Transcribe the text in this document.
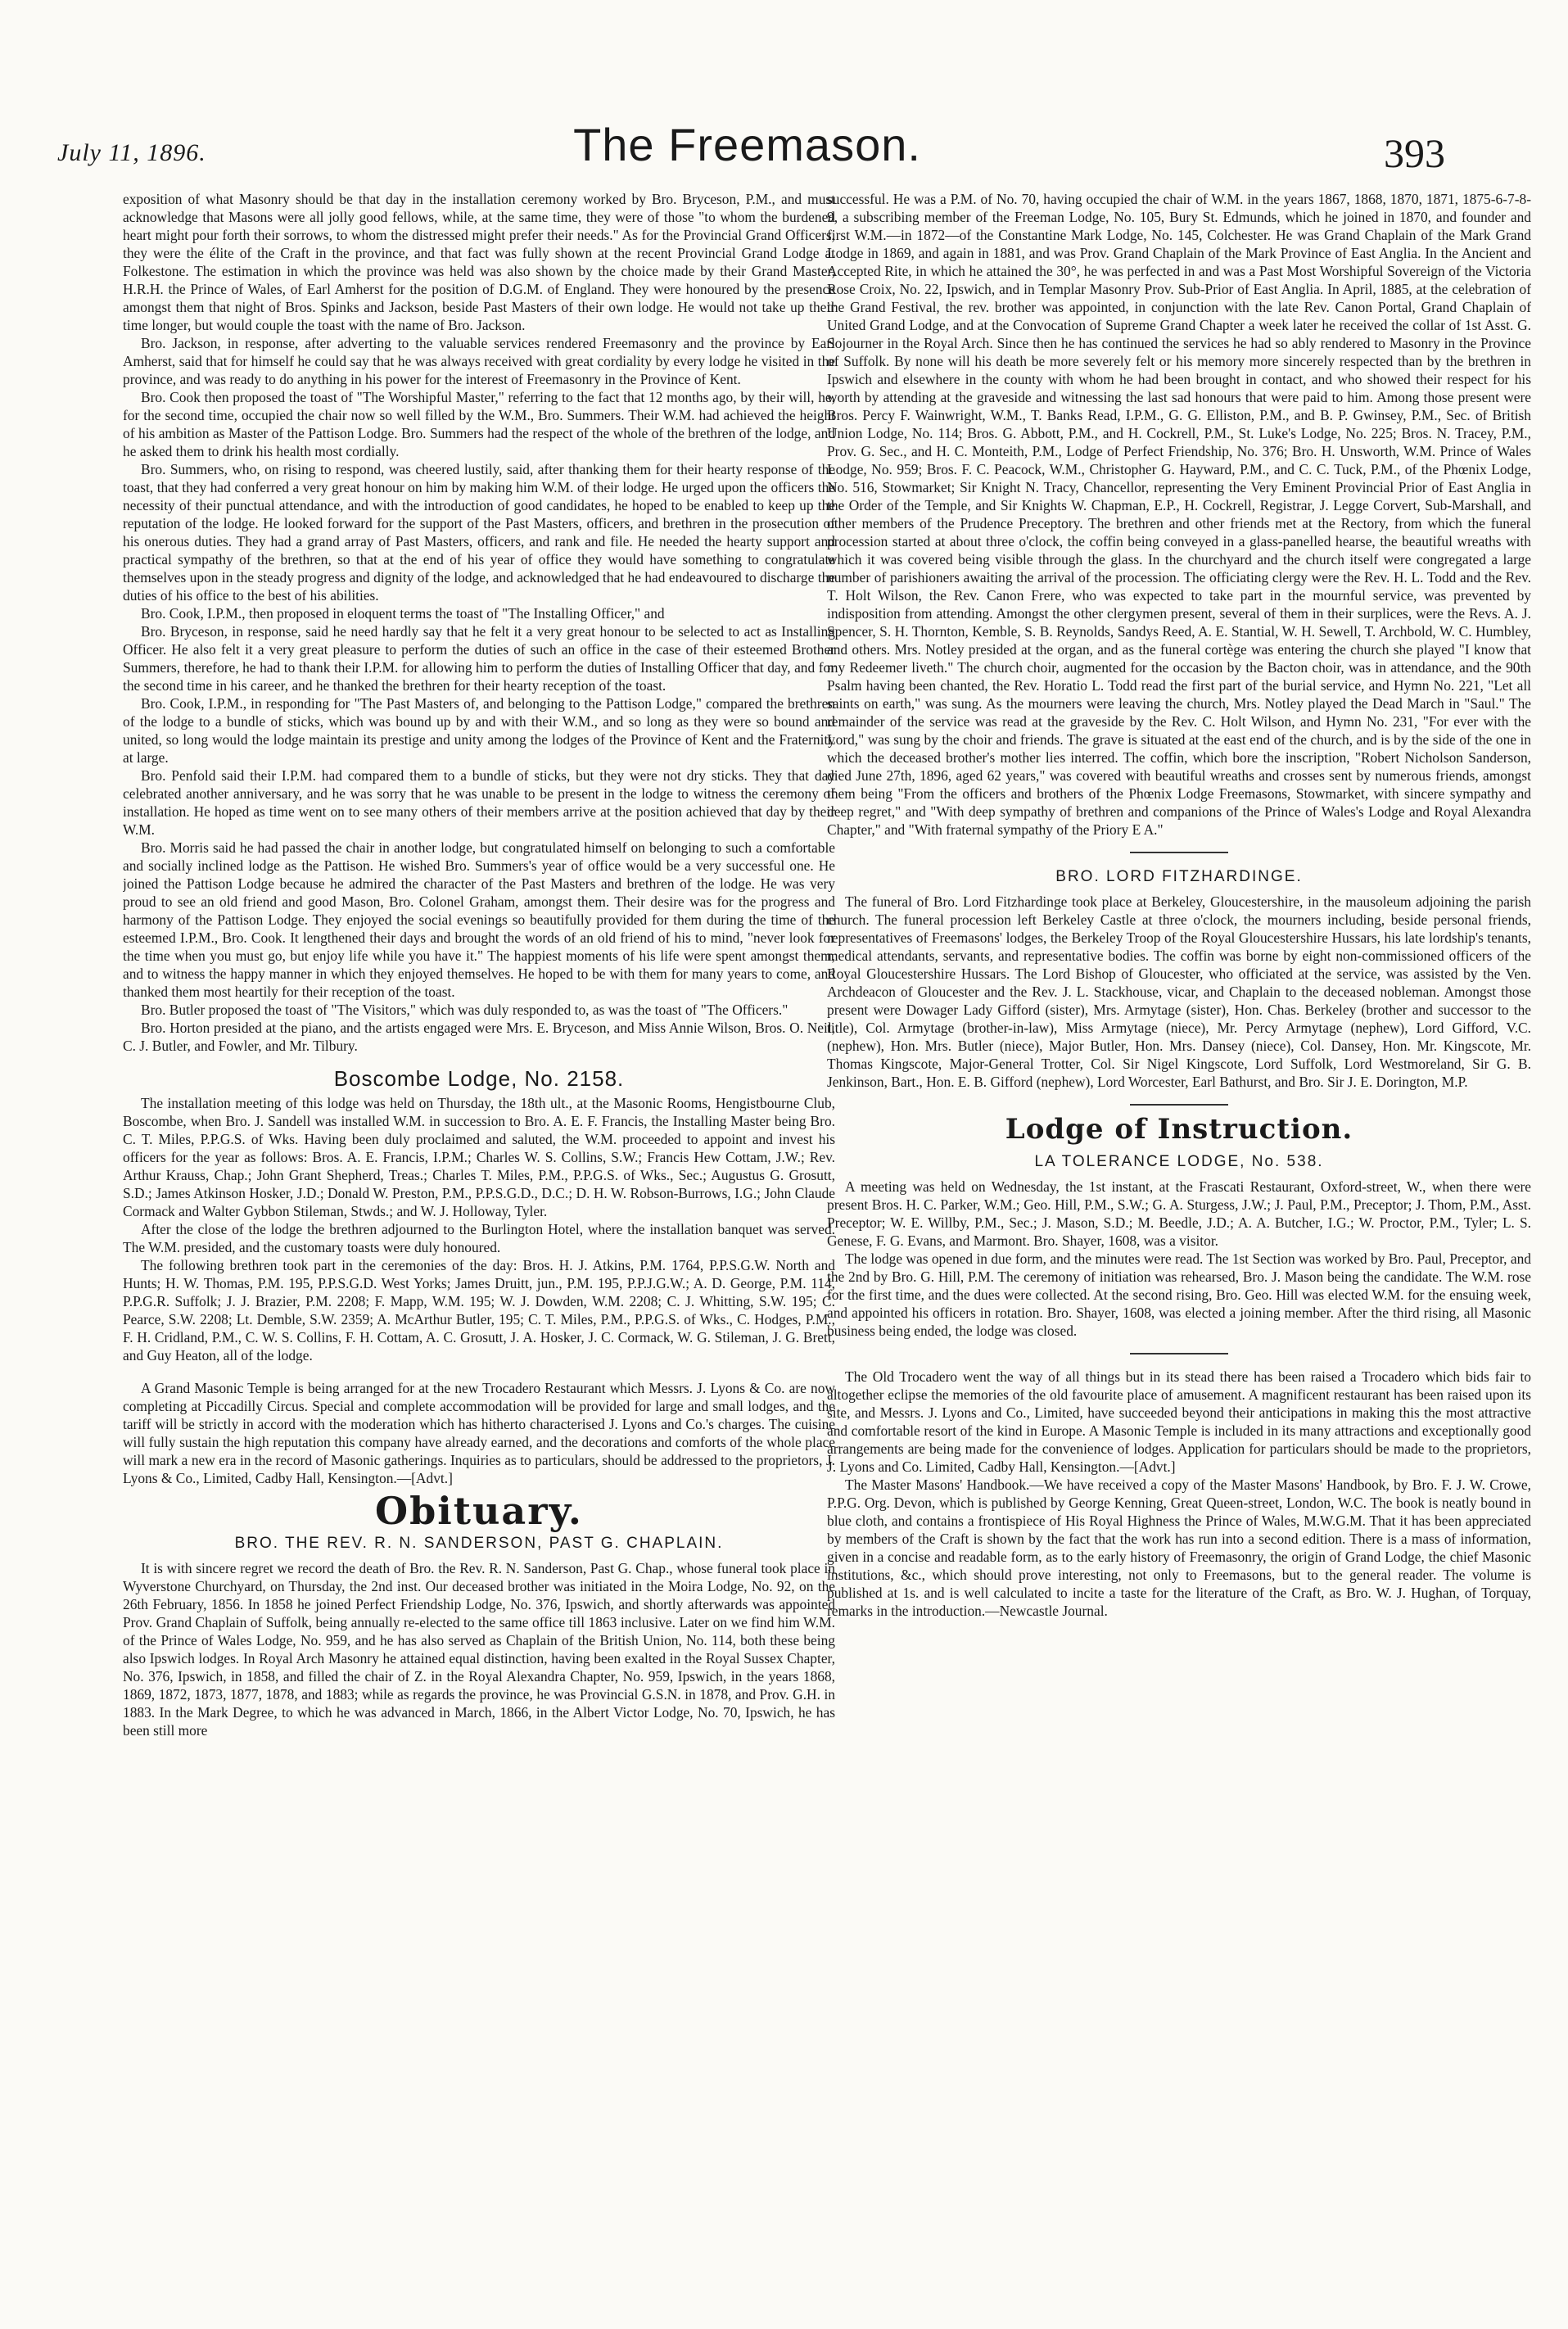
July 11, 1896.	The Freemason.	393

exposition of what Masonry should be that day in the installation ceremony worked by Bro. Bryceson, P.M., and must acknowledge that Masons were all jolly good fellows, while, at the same time, they were of those "to whom the burdened heart might pour forth their sorrows, to whom the distressed might prefer their needs." As for the Provincial Grand Officers, they were the élite of the Craft in the province, and that fact was fully shown at the recent Provincial Grand Lodge at Folkestone. The estimation in which the province was held was also shown by the choice made by their Grand Master, H.R.H. the Prince of Wales, of Earl Amherst for the position of D.G.M. of England. They were honoured by the presence amongst them that night of Bros. Spinks and Jackson, beside Past Masters of their own lodge. He would not take up their time longer, but would couple the toast with the name of Bro. Jackson.

Bro. Jackson, in response, after adverting to the valuable services rendered Freemasonry and the province by Earl Amherst, said that for himself he could say that he was always received with great cordiality by every lodge he visited in the province, and was ready to do anything in his power for the interest of Freemasonry in the Province of Kent.

Bro. Cook then proposed the toast of "The Worshipful Master," referring to the fact that 12 months ago, by their will, he, for the second time, occupied the chair now so well filled by the W.M., Bro. Summers. Their W.M. had achieved the height of his ambition as Master of the Pattison Lodge. Bro. Summers had the respect of the whole of the brethren of the lodge, and he asked them to drink his health most cordially.

Bro. Summers, who, on rising to respond, was cheered lustily, said, after thanking them for their hearty response of the toast, that they had conferred a very great honour on him by making him W.M. of their lodge. He urged upon the officers the necessity of their punctual attendance, and with the introduction of good candidates, he hoped to be enabled to keep up the reputation of the lodge. He looked forward for the support of the Past Masters, officers, and brethren in the prosecution of his onerous duties. They had a grand array of Past Masters, officers, and rank and file. He needed the hearty support and practical sympathy of the brethren, so that at the end of his year of office they would have something to congratulate themselves upon in the steady progress and dignity of the lodge, and acknowledged that he had endeavoured to discharge the duties of his office to the best of his abilities.

Bro. Cook, I.P.M., then proposed in eloquent terms the toast of "The Installing Officer," and

Bro. Bryceson, in response, said he need hardly say that he felt it a very great honour to be selected to act as Installing Officer. He also felt it a very great pleasure to perform the duties of such an office in the case of their esteemed Brother Summers, therefore, he had to thank their I.P.M. for allowing him to perform the duties of Installing Officer that day, and for the second time in his career, and he thanked the brethren for their hearty reception of the toast.

Bro. Cook, I.P.M., in responding for "The Past Masters of, and belonging to the Pattison Lodge," compared the brethren of the lodge to a bundle of sticks, which was bound up by and with their W.M., and so long as they were so bound and united, so long would the lodge maintain its prestige and unity among the lodges of the Province of Kent and the Fraternity at large.

Bro. Penfold said their I.P.M. had compared them to a bundle of sticks, but they were not dry sticks. They that day celebrated another anniversary, and he was sorry that he was unable to be present in the lodge to witness the ceremony of installation. He hoped as time went on to see many others of their members arrive at the position achieved that day by their W.M.

Bro. Morris said he had passed the chair in another lodge, but congratulated himself on belonging to such a comfortable and socially inclined lodge as the Pattison. He wished Bro. Summers's year of office would be a very successful one. He joined the Pattison Lodge because he admired the character of the Past Masters and brethren of the lodge. He was very proud to see an old friend and good Mason, Bro. Colonel Graham, amongst them. Their desire was for the progress and harmony of the Pattison Lodge. They enjoyed the social evenings so beautifully provided for them during the time of the esteemed I.P.M., Bro. Cook. It lengthened their days and brought the words of an old friend of his to mind, "never look for the time when you must go, but enjoy life while you have it." The happiest moments of his life were spent amongst them, and to witness the happy manner in which they enjoyed themselves. He hoped to be with them for many years to come, and thanked them most heartily for their reception of the toast.

Bro. Butler proposed the toast of "The Visitors," which was duly responded to, as was the toast of "The Officers."

Bro. Horton presided at the piano, and the artists engaged were Mrs. E. Bryceson, and Miss Annie Wilson, Bros. O. Neil, C. J. Butler, and Fowler, and Mr. Tilbury.

Boscombe Lodge, No. 2158.

The installation meeting of this lodge was held on Thursday, the 18th ult., at the Masonic Rooms, Hengistbourne Club, Boscombe, when Bro. J. Sandell was installed W.M. in succession to Bro. A. E. F. Francis, the Installing Master being Bro. C. T. Miles, P.P.G.S. of Wks. Having been duly proclaimed and saluted, the W.M. proceeded to appoint and invest his officers for the year as follows: Bros. A. E. Francis, I.P.M.; Charles W. S. Collins, S.W.; Francis Hew Cottam, J.W.; Rev. Arthur Krauss, Chap.; John Grant Shepherd, Treas.; Charles T. Miles, P.M., P.P.G.S. of Wks., Sec.; Augustus G. Grosutt, S.D.; James Atkinson Hosker, J.D.; Donald W. Preston, P.M., P.P.S.G.D., D.C.; D. H. W. Robson-Burrows, I.G.; John Claude Cormack and Walter Gybbon Stileman, Stwds.; and W. J. Holloway, Tyler.

After the close of the lodge the brethren adjourned to the Burlington Hotel, where the installation banquet was served. The W.M. presided, and the customary toasts were duly honoured.

The following brethren took part in the ceremonies of the day: Bros. H. J. Atkins, P.M. 1764, P.P.S.G.W. North and Hunts; H. W. Thomas, P.M. 195, P.P.S.G.D. West Yorks; James Druitt, jun., P.M. 195, P.P.J.G.W.; A. D. George, P.M. 114, P.P.G.R. Suffolk; J. J. Brazier, P.M. 2208; F. Mapp, W.M. 195; W. J. Dowden, W.M. 2208; C. J. Whitting, S.W. 195; C. Pearce, S.W. 2208; Lt. Demble, S.W. 2359; A. McArthur Butler, 195; C. T. Miles, P.M., P.P.G.S. of Wks., C. Hodges, P.M., F. H. Cridland, P.M., C. W. S. Collins, F. H. Cottam, A. C. Grosutt, J. A. Hosker, J. C. Cormack, W. G. Stileman, J. G. Brett, and Guy Heaton, all of the lodge.

A Grand Masonic Temple is being arranged for at the new Trocadero Restaurant which Messrs. J. Lyons & Co. are now completing at Piccadilly Circus. Special and complete accommodation will be provided for large and small lodges, and the tariff will be strictly in accord with the moderation which has hitherto characterised J. Lyons and Co.'s charges. The cuisine will fully sustain the high reputation this company have already earned, and the decorations and comforts of the whole place will mark a new era in the record of Masonic gatherings. Inquiries as to particulars, should be addressed to the proprietors, J. Lyons & Co., Limited, Cadby Hall, Kensington.—[Advt.]

Obituary.
BRO. THE REV. R. N. SANDERSON, PAST G. CHAPLAIN.

It is with sincere regret we record the death of Bro. the Rev. R. N. Sanderson, Past G. Chap., whose funeral took place in Wyverstone Churchyard, on Thursday, the 2nd inst. Our deceased brother was initiated in the Moira Lodge, No. 92, on the 26th February, 1856. In 1858 he joined Perfect Friendship Lodge, No. 376, Ipswich, and shortly afterwards was appointed Prov. Grand Chaplain of Suffolk, being annually re-elected to the same office till 1863 inclusive. Later on we find him W.M. of the Prince of Wales Lodge, No. 959, and he has also served as Chaplain of the British Union, No. 114, both these being also Ipswich lodges. In Royal Arch Masonry he attained equal distinction, having been exalted in the Royal Sussex Chapter, No. 376, Ipswich, in 1858, and filled the chair of Z. in the Royal Alexandra Chapter, No. 959, Ipswich, in the years 1868, 1869, 1872, 1873, 1877, 1878, and 1883; while as regards the province, he was Provincial G.S.N. in 1878, and Prov. G.H. in 1883. In the Mark Degree, to which he was advanced in March, 1866, in the Albert Victor Lodge, No. 70, Ipswich, he has been still more

successful. He was a P.M. of No. 70, having occupied the chair of W.M. in the years 1867, 1868, 1870, 1871, 1875-6-7-8-9, a subscribing member of the Freeman Lodge, No. 105, Bury St. Edmunds, which he joined in 1870, and founder and first W.M.—in 1872—of the Constantine Mark Lodge, No. 145, Colchester. He was Grand Chaplain of the Mark Grand Lodge in 1869, and again in 1881, and was Prov. Grand Chaplain of the Mark Province of East Anglia. In the Ancient and Accepted Rite, in which he attained the 30°, he was perfected in and was a Past Most Worshipful Sovereign of the Victoria Rose Croix, No. 22, Ipswich, and in Templar Masonry Prov. Sub-Prior of East Anglia. In April, 1885, at the celebration of the Grand Festival, the rev. brother was appointed, in conjunction with the late Rev. Canon Portal, Grand Chaplain of United Grand Lodge, and at the Convocation of Supreme Grand Chapter a week later he received the collar of 1st Asst. G. Sojourner in the Royal Arch. Since then he has continued the services he had so ably rendered to Masonry in the Province of Suffolk. By none will his death be more severely felt or his memory more sincerely respected than by the brethren in Ipswich and elsewhere in the county with whom he had been brought in contact, and who showed their respect for his worth by attending at the graveside and witnessing the last sad honours that were paid to him. Among those present were Bros. Percy F. Wainwright, W.M., T. Banks Read, I.P.M., G. G. Elliston, P.M., and B. P. Gwinsey, P.M., Sec. of British Union Lodge, No. 114; Bros. G. Abbott, P.M., and H. Cockrell, P.M., St. Luke's Lodge, No. 225; Bros. N. Tracey, P.M., Prov. G. Sec., and H. C. Monteith, P.M., Lodge of Perfect Friendship, No. 376; Bro. H. Unsworth, W.M. Prince of Wales Lodge, No. 959; Bros. F. C. Peacock, W.M., Christopher G. Hayward, P.M., and C. C. Tuck, P.M., of the Phœnix Lodge, No. 516, Stowmarket; Sir Knight N. Tracy, Chancellor, representing the Very Eminent Provincial Prior of East Anglia in the Order of the Temple, and Sir Knights W. Chapman, E.P., H. Cockrell, Registrar, J. Legge Corvert, Sub-Marshall, and other members of the Prudence Preceptory. The brethren and other friends met at the Rectory, from which the funeral procession started at about three o'clock, the coffin being conveyed in a glass-panelled hearse, the beautiful wreaths with which it was covered being visible through the glass. In the churchyard and the church itself were congregated a large number of parishioners awaiting the arrival of the procession. The officiating clergy were the Rev. H. L. Todd and the Rev. T. Holt Wilson, the Rev. Canon Frere, who was expected to take part in the mournful service, was prevented by indisposition from attending. Amongst the other clergymen present, several of them in their surplices, were the Revs. A. J. Spencer, S. H. Thornton, Kemble, S. B. Reynolds, Sandys Reed, A. E. Stantial, W. H. Sewell, T. Archbold, W. C. Humbley, and others. Mrs. Notley presided at the organ, and as the funeral cortège was entering the church she played "I know that my Redeemer liveth." The church choir, augmented for the occasion by the Bacton choir, was in attendance, and the 90th Psalm having been chanted, the Rev. Horatio L. Todd read the first part of the burial service, and Hymn No. 221, "Let all saints on earth," was sung. As the mourners were leaving the church, Mrs. Notley played the Dead March in "Saul." The remainder of the service was read at the graveside by the Rev. C. Holt Wilson, and Hymn No. 231, "For ever with the Lord," was sung by the choir and friends. The grave is situated at the east end of the church, and is by the side of the one in which the deceased brother's mother lies interred. The coffin, which bore the inscription, "Robert Nicholson Sanderson, died June 27th, 1896, aged 62 years," was covered with beautiful wreaths and crosses sent by numerous friends, amongst them being "From the officers and brothers of the Phœnix Lodge Freemasons, Stowmarket, with sincere sympathy and deep regret," and "With deep sympathy of brethren and companions of the Prince of Wales's Lodge and Royal Alexandra Chapter," and "With fraternal sympathy of the Priory E A."

BRO. LORD FITZHARDINGE.

The funeral of Bro. Lord Fitzhardinge took place at Berkeley, Gloucestershire, in the mausoleum adjoining the parish church. The funeral procession left Berkeley Castle at three o'clock, the mourners including, beside personal friends, representatives of Freemasons' lodges, the Berkeley Troop of the Royal Gloucestershire Hussars, his late lordship's tenants, medical attendants, servants, and representative bodies. The coffin was borne by eight non-commissioned officers of the Royal Gloucestershire Hussars. The Lord Bishop of Gloucester, who officiated at the service, was assisted by the Ven. Archdeacon of Gloucester and the Rev. J. L. Stackhouse, vicar, and Chaplain to the deceased nobleman. Amongst those present were Dowager Lady Gifford (sister), Mrs. Armytage (sister), Hon. Chas. Berkeley (brother and successor to the title), Col. Armytage (brother-in-law), Miss Armytage (niece), Mr. Percy Armytage (nephew), Lord Gifford, V.C. (nephew), Hon. Mrs. Butler (niece), Major Butler, Hon. Mrs. Dansey (niece), Col. Dansey, Hon. Mr. Kingscote, Mr. Thomas Kingscote, Major-General Trotter, Col. Sir Nigel Kingscote, Lord Suffolk, Lord Westmoreland, Sir G. B. Jenkinson, Bart., Hon. E. B. Gifford (nephew), Lord Worcester, Earl Bathurst, and Bro. Sir J. E. Dorington, M.P.

Lodge of Instruction.
LA TOLERANCE LODGE, No. 538.

A meeting was held on Wednesday, the 1st instant, at the Frascati Restaurant, Oxford-street, W., when there were present Bros. H. C. Parker, W.M.; Geo. Hill, P.M., S.W.; G. A. Sturgess, J.W.; J. Paul, P.M., Preceptor; J. Thom, P.M., Asst. Preceptor; W. E. Willby, P.M., Sec.; J. Mason, S.D.; M. Beedle, J.D.; A. A. Butcher, I.G.; W. Proctor, P.M., Tyler; L. S. Genese, F. G. Evans, and Marmont. Bro. Shayer, 1608, was a visitor.

The lodge was opened in due form, and the minutes were read. The 1st Section was worked by Bro. Paul, Preceptor, and the 2nd by Bro. G. Hill, P.M. The ceremony of initiation was rehearsed, Bro. J. Mason being the candidate. The W.M. rose for the first time, and the dues were collected. At the second rising, Bro. Geo. Hill was elected W.M. for the ensuing week, and appointed his officers in rotation. Bro. Shayer, 1608, was elected a joining member. After the third rising, all Masonic business being ended, the lodge was closed.

The Old Trocadero went the way of all things but in its stead there has been raised a Trocadero which bids fair to altogether eclipse the memories of the old favourite place of amusement. A magnificent restaurant has been raised upon its site, and Messrs. J. Lyons and Co., Limited, have succeeded beyond their anticipations in making this the most attractive and comfortable resort of the kind in Europe. A Masonic Temple is included in its many attractions and exceptionally good arrangements are being made for the convenience of lodges. Application for particulars should be made to the proprietors, J. Lyons and Co. Limited, Cadby Hall, Kensington.—[Advt.]

The Master Masons' Handbook.—We have received a copy of the Master Masons' Handbook, by Bro. F. J. W. Crowe, P.P.G. Org. Devon, which is published by George Kenning, Great Queen-street, London, W.C. The book is neatly bound in blue cloth, and contains a frontispiece of His Royal Highness the Prince of Wales, M.W.G.M. That it has been appreciated by members of the Craft is shown by the fact that the work has run into a second edition. There is a mass of information, given in a concise and readable form, as to the early history of Freemasonry, the origin of Grand Lodge, the chief Masonic institutions, &c., which should prove interesting, not only to Freemasons, but to the general reader. The volume is published at 1s. and is well calculated to incite a taste for the literature of the Craft, as Bro. W. J. Hughan, of Torquay, remarks in the introduction.—Newcastle Journal.
